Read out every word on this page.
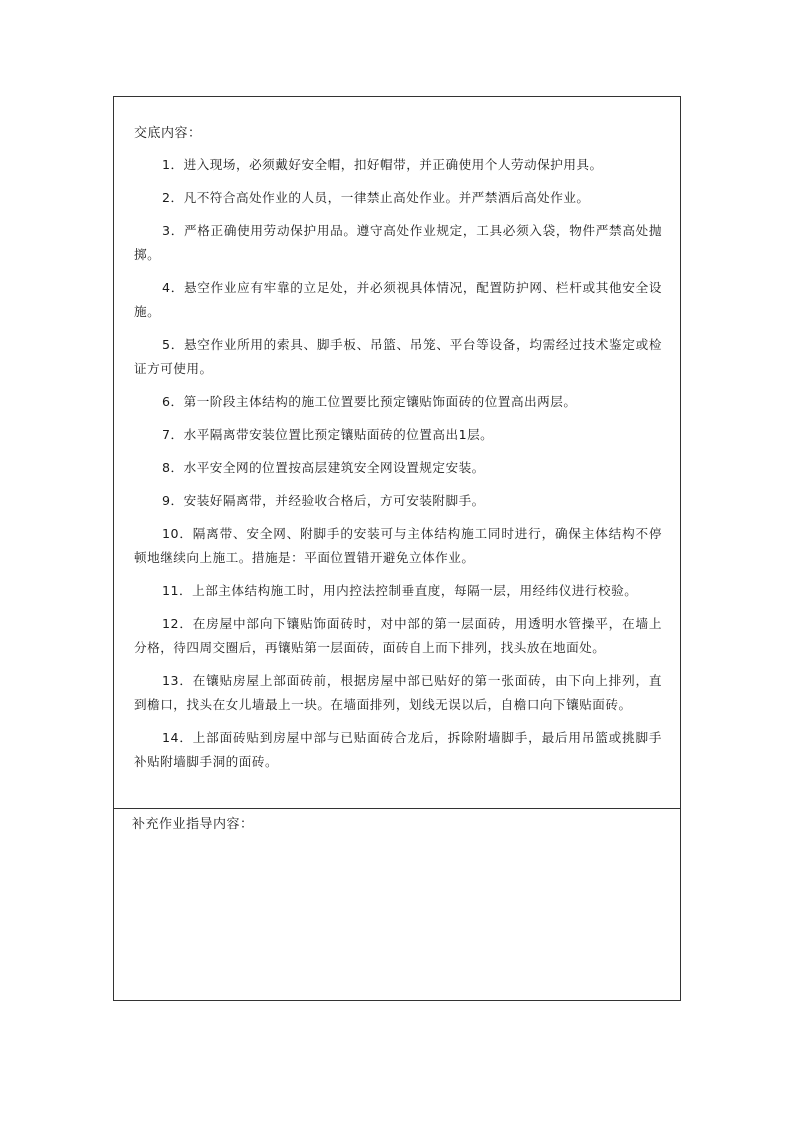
交底内容：
1．进入现场，必须戴好安全帽，扣好帽带，并正确使用个人劳动保护用具。
2．凡不符合高处作业的人员，一律禁止高处作业。并严禁酒后高处作业。
3．严格正确使用劳动保护用品。遵守高处作业规定，工具必须入袋，物件严禁高处抛掷。
4．悬空作业应有牢靠的立足处，并必须视具体情况，配置防护网、栏杆或其他安全设施。
5．悬空作业所用的索具、脚手板、吊篮、吊笼、平台等设备，均需经过技术鉴定或检证方可使用。
6．第一阶段主体结构的施工位置要比预定镶贴饰面砖的位置高出两层。
7．水平隔离带安装位置比预定镶贴面砖的位置高出1层。
8．水平安全网的位置按高层建筑安全网设置规定安装。
9．安装好隔离带，并经验收合格后，方可安装附脚手。
10．隔离带、安全网、附脚手的安装可与主体结构施工同时进行，确保主体结构不停顿地继续向上施工。措施是：平面位置错开避免立体作业。
11．上部主体结构施工时，用内控法控制垂直度，每隔一层，用经纬仪进行校验。
12．在房屋中部向下镶贴饰面砖时，对中部的第一层面砖，用透明水管操平，在墙上分格，待四周交圈后，再镶贴第一层面砖，面砖自上而下排列，找头放在地面处。
13．在镶贴房屋上部面砖前，根据房屋中部已贴好的第一张面砖，由下向上排列，直到檐口，找头在女儿墙最上一块。在墙面排列，划线无误以后，自檐口向下镶贴面砖。
14．上部面砖贴到房屋中部与已贴面砖合龙后，拆除附墙脚手，最后用吊篮或挑脚手补贴附墙脚手洞的面砖。
补充作业指导内容：
